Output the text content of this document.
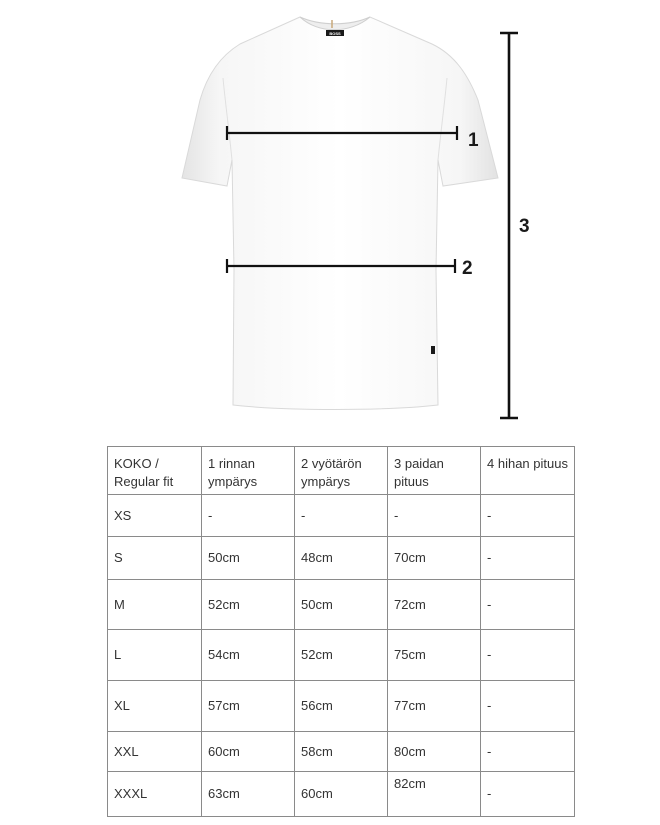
BOSS
1
2
3
KOKO / Regular fit	1 rinnan ympärys	2 vyötärön ympärys	3 paidan pituus	4 hihan pituus
XS	-	-	-	-
S	50cm	48cm	70cm	-
M	52cm	50cm	72cm	-
L	54cm	52cm	75cm	-
XL	57cm	56cm	77cm	-
XXL	60cm	58cm	80cm	-
XXXL	63cm	60cm	82cm	-
